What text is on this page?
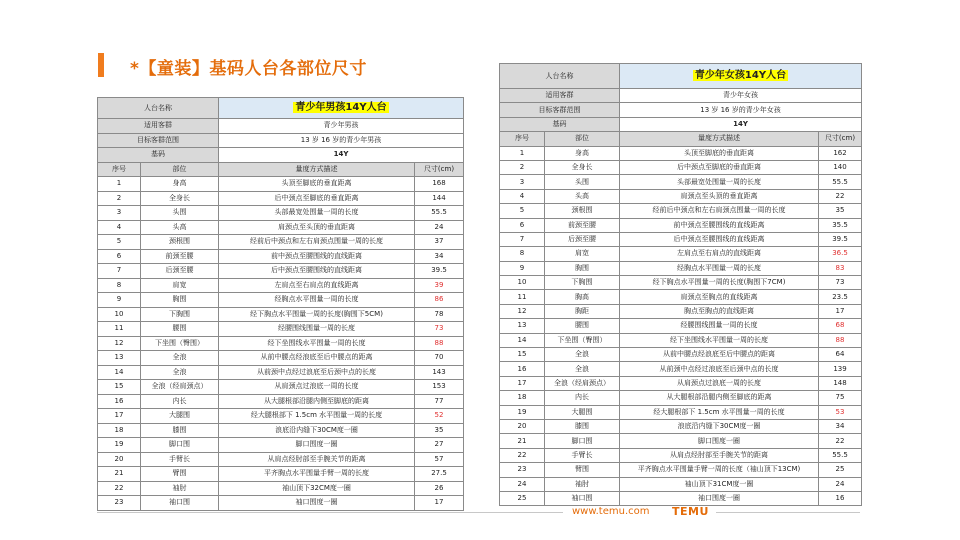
*【童装】基码人台各部位尺寸
人台名称		青少年男孩14Y人台	
适用客群		青少年男孩	
目标客群范围		13 岁 16 岁的青少年男孩	
基码		14Y	
序号	部位	量度方式描述	尺寸(cm)
1	身高	头顶至脚底的垂直距离	168
2	全身长	后中颈点至脚底的垂直距离	144
3	头围	头部最宽处围量一周的长度	55.5
4	头高	肩颈点至头顶的垂直距离	24
5	颈根围	经前后中颈点和左右肩颈点围量一周的长度	37
6	前颈至腰	前中颈点至腰围线的直线距离	34
7	后颈至腰	后中颈点至腰围线的直线距离	39.5
8	肩宽	左肩点至右肩点的直线距离	39
9	胸围	经胸点水平围量一周的长度	86
10	下胸围	经下胸点水平围量一周的长度(胸围下5CM)	78
11	腰围	经腰围线围量一周的长度	73
12	下坐围（臀围）	经下坐围线水平围量一周的长度	88
13	全浪	从前中腰点经浪底至后中腰点的距离	70
14	全浪	从前颈中点经过浪底至后颈中点的长度	143
15	全浪（经肩颈点）	从肩颈点过浪底一周的长度	153
16	内长	从大腿根部沿腿内侧至脚底的距离	77
17	大腿围	经大腿根部下 1.5cm 水平围量一周的长度	52
18	膝围	浪底沿内缝下30CM度一圈	35
19	脚口围	脚口围度一圈	27
20	手臂长	从肩点经肘部至手腕关节的距离	57
21	臂围	平齐胸点水平围量手臂一周的长度	27.5
22	袖肘	袖山顶下32CM度一圈	26
23	袖口围	袖口围度一圈	17
人台名称		青少年女孩14Y人台	
适用客群		青少年女孩	
目标客群范围		13 岁 16 岁的青少年女孩	
基码		14Y	
序号	部位	量度方式描述	尺寸(cm)
1	身高	头顶至脚底的垂直距离	162
2	全身长	后中颈点至脚底的垂直距离	140
3	头围	头部最宽处围量一周的长度	55.5
4	头高	肩颈点至头顶的垂直距离	22
5	颈根围	经前后中颈点和左右肩颈点围量一周的长度	35
6	前颈至腰	前中颈点至腰围线的直线距离	35.5
7	后颈至腰	后中颈点至腰围线的直线距离	39.5
8	肩宽	左肩点至右肩点的直线距离	36.5
9	胸围	经胸点水平围量一周的长度	83
10	下胸围	经下胸点水平围量一周的长度(胸围下7CM)	73
11	胸高	肩颈点至胸点的直线距离	23.5
12	胸距	胸点至胸点的直线距离	17
13	腰围	经腰围线围量一周的长度	68
14	下坐围（臀围）	经下坐围线水平围量一周的长度	88
15	全浪	从前中腰点经浪底至后中腰点的距离	64
16	全浪	从前颈中点经过浪底至后颈中点的长度	139
17	全浪（经肩颈点）	从肩颈点过浪底一周的长度	148
18	内长	从大腿根部沿腿内侧至脚底的距离	75
19	大腿围	经大腿根部下 1.5cm 水平围量一周的长度	53
20	膝围	浪底沿内缝下30CM度一圈	34
21	脚口围	脚口围度一圈	22
22	手臂长	从肩点经肘部至手腕关节的距离	55.5
23	臂围	平齐胸点水平围量手臂一周的长度（袖山顶下13CM)	25
24	袖肘	袖山顶下31CM度一圈	24
25	袖口围	袖口围度一圈	16
www.temu.com TEMU
